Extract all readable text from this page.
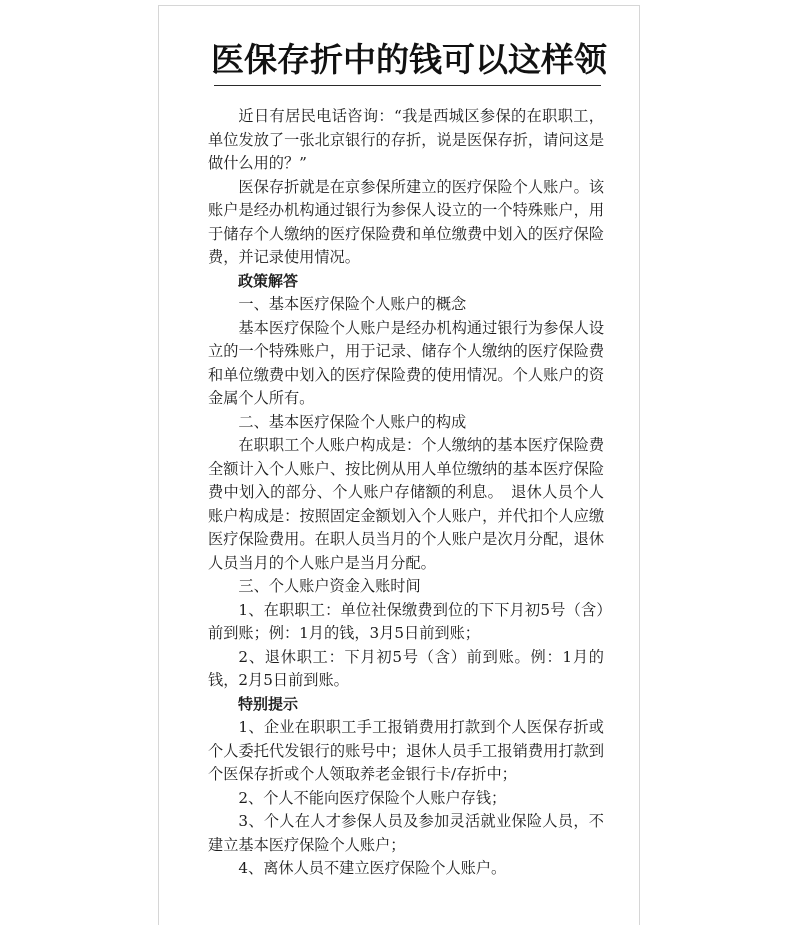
医保存折中的钱可以这样领

近日有居民电话咨询：“我是西城区参保的在职职工，单位发放了一张北京银行的存折，说是医保存折，请问这是做什么用的？”

医保存折就是在京参保所建立的医疗保险个人账户。该账户是经办机构通过银行为参保人设立的一个特殊账户，用于储存个人缴纳的医疗保险费和单位缴费中划入的医疗保险费，并记录使用情况。

政策解答

一、基本医疗保险个人账户的概念

基本医疗保险个人账户是经办机构通过银行为参保人设立的一个特殊账户，用于记录、储存个人缴纳的医疗保险费和单位缴费中划入的医疗保险费的使用情况。个人账户的资金属个人所有。

二、基本医疗保险个人账户的构成

在职职工个人账户构成是：个人缴纳的基本医疗保险费全额计入个人账户、按比例从用人单位缴纳的基本医疗保险费中划入的部分、个人账户存储额的利息。　退休人员个人账户构成是：按照固定金额划入个人账户，并代扣个人应缴医疗保险费用。在职人员当月的个人账户是次月分配，退休人员当月的个人账户是当月分配。

三、个人账户资金入账时间

1、在职职工：单位社保缴费到位的下下月初5号（含）前到账；例：1月的钱，3月5日前到账；

2、退休职工：下月初5号（含）前到账。例：1月的钱，2月5日前到账。

特别提示

1、企业在职职工手工报销费用打款到个人医保存折或个人委托代发银行的账号中；退休人员手工报销费用打款到个医保存折或个人领取养老金银行卡/存折中；

2、个人不能向医疗保险个人账户存钱；

3、个人在人才参保人员及参加灵活就业保险人员，不建立基本医疗保险个人账户；

4、离休人员不建立医疗保险个人账户。
